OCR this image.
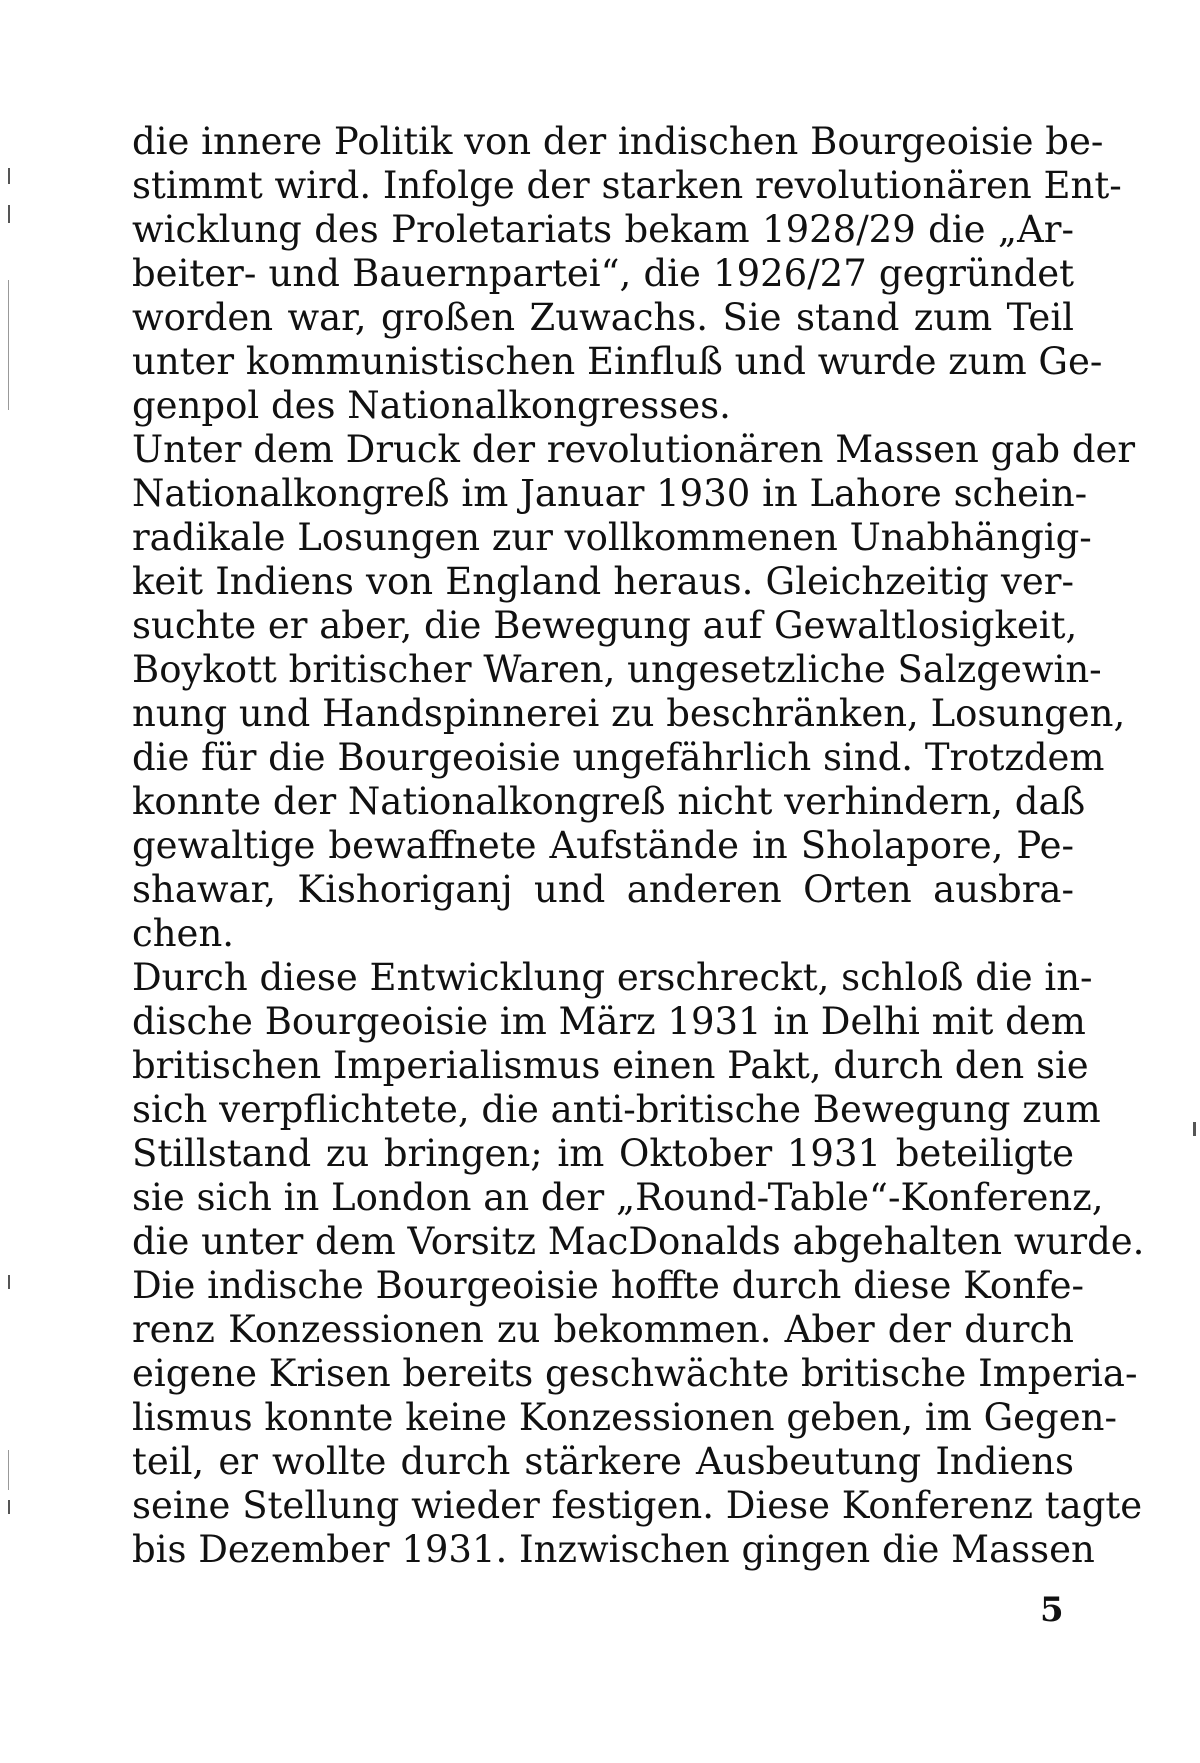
die innere Politik von der indischen Bourgeoisie be-
stimmt wird. Infolge der starken revolutionären Ent-
wicklung des Proletariats bekam 1928/29 die „Ar-
beiter- und Bauernpartei“, die 1926/27 gegründet
worden war, großen Zuwachs. Sie stand zum Teil
unter kommunistischen Einfluß und wurde zum Ge-
genpol des Nationalkongresses.
Unter dem Druck der revolutionären Massen gab der
Nationalkongreß im Januar 1930 in Lahore schein-
radikale Losungen zur vollkommenen Unabhängig-
keit Indiens von England heraus. Gleichzeitig ver-
suchte er aber, die Bewegung auf Gewaltlosigkeit,
Boykott britischer Waren, ungesetzliche Salzgewin-
nung und Handspinnerei zu beschränken, Losungen,
die für die Bourgeoisie ungefährlich sind. Trotzdem
konnte der Nationalkongreß nicht verhindern, daß
gewaltige bewaffnete Aufstände in Sholapore, Pe-
shawar, Kishoriganj und anderen Orten ausbra-
chen.
Durch diese Entwicklung erschreckt, schloß die in-
dische Bourgeoisie im März 1931 in Delhi mit dem
britischen Imperialismus einen Pakt, durch den sie
sich verpflichtete, die anti-britische Bewegung zum
Stillstand zu bringen; im Oktober 1931 beteiligte
sie sich in London an der „Round-Table“-Konferenz,
die unter dem Vorsitz MacDonalds abgehalten wurde.
Die indische Bourgeoisie hoffte durch diese Konfe-
renz Konzessionen zu bekommen. Aber der durch
eigene Krisen bereits geschwächte britische Imperia-
lismus konnte keine Konzessionen geben, im Gegen-
teil, er wollte durch stärkere Ausbeutung Indiens
seine Stellung wieder festigen. Diese Konferenz tagte
bis Dezember 1931. Inzwischen gingen die Massen
5
